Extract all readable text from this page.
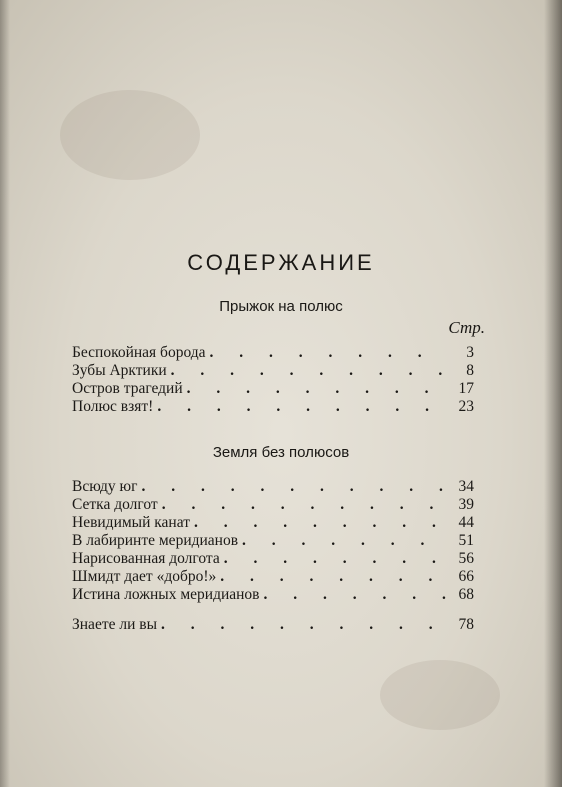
СОДЕРЖАНИЕ
Прыжок на полюс
Стр.
Беспокойная борода . . .	3
Зубы Арктики . . .	8
Остров трагедий . . .	17
Полюс взят! . . .	23
Земля без полюсов
Всюду юг . . .	34
Сетка долгот . . .	39
Невидимый канат . . .	44
В лабиринте меридианов . . .	51
Нарисованная долгота . . .	56
Шмидт дает «добро!» . . .	66
Истина ложных меридианов . . .	68
Знаете ли вы . . .	78
